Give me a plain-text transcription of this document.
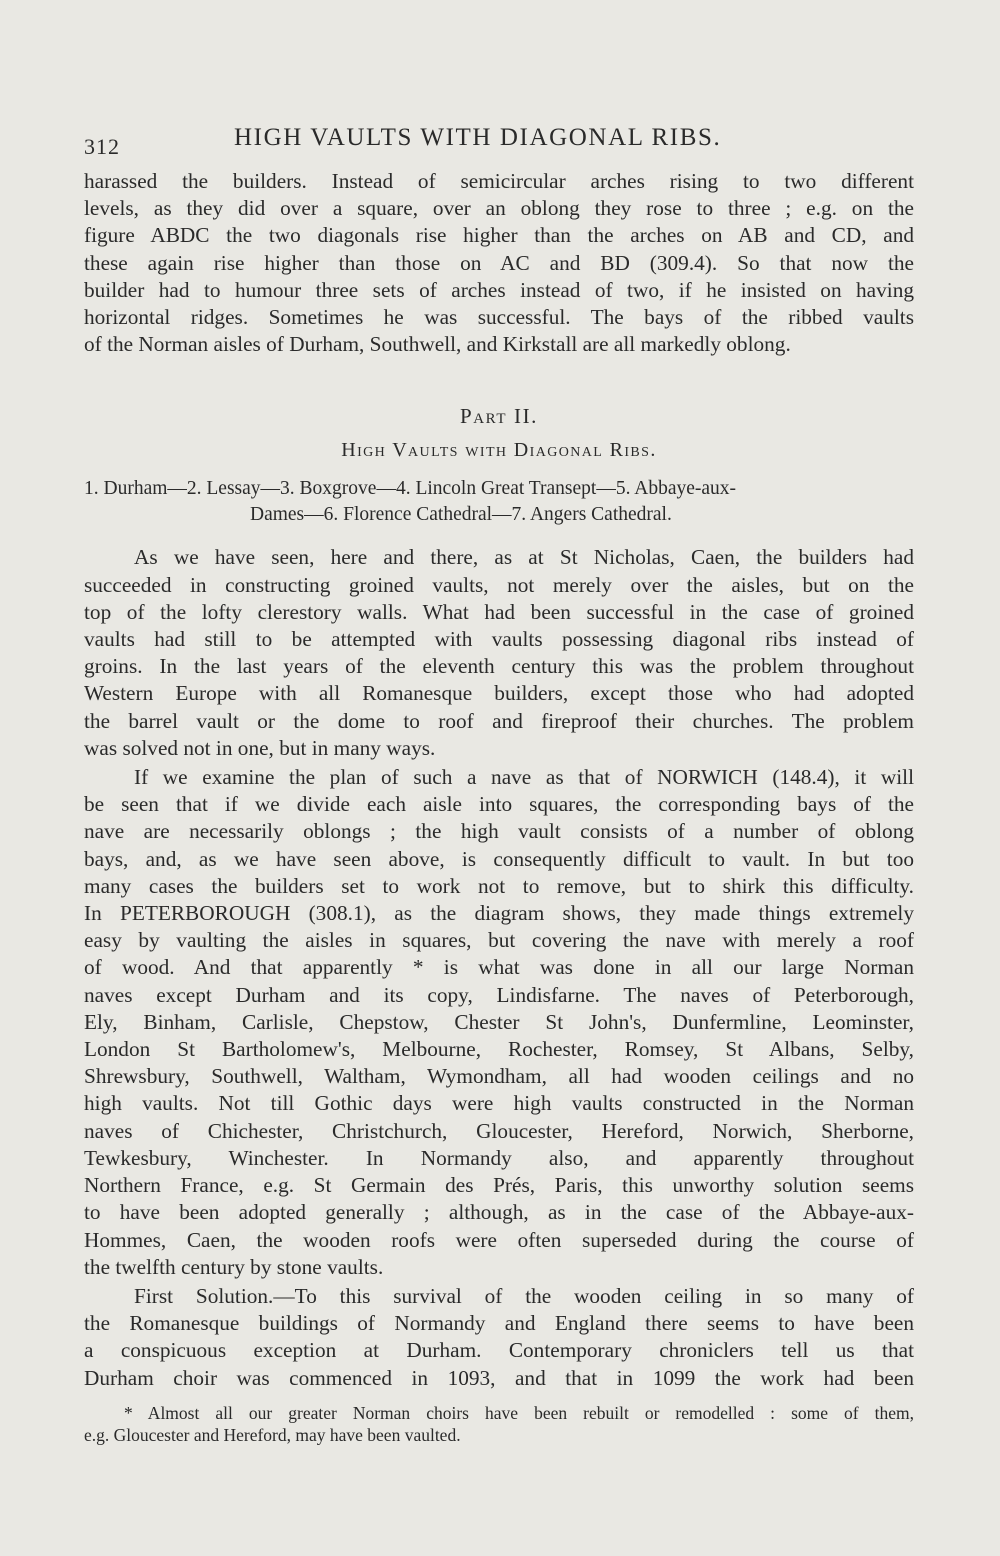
312	HIGH VAULTS WITH DIAGONAL RIBS.
harassed the builders. Instead of semicircular arches rising to two different
levels, as they did over a square, over an oblong they rose to three ; e.g. on the
figure ABDC the two diagonals rise higher than the arches on AB and CD, and
these again rise higher than those on AC and BD (309.4). So that now the
builder had to humour three sets of arches instead of two, if he insisted on having
horizontal ridges. Sometimes he was successful. The bays of the ribbed vaults
of the Norman aisles of Durham, Southwell, and Kirkstall are all markedly oblong.
Part II.
High Vaults with Diagonal Ribs.
1. Durham—2. Lessay—3. Boxgrove—4. Lincoln Great Transept—5. Abbaye-aux-
Dames—6. Florence Cathedral—7. Angers Cathedral.
As we have seen, here and there, as at St Nicholas, Caen, the builders had
succeeded in constructing groined vaults, not merely over the aisles, but on the
top of the lofty clerestory walls. What had been successful in the case of groined
vaults had still to be attempted with vaults possessing diagonal ribs instead of
groins. In the last years of the eleventh century this was the problem throughout
Western Europe with all Romanesque builders, except those who had adopted
the barrel vault or the dome to roof and fireproof their churches. The problem
was solved not in one, but in many ways.
If we examine the plan of such a nave as that of NORWICH (148.4), it will
be seen that if we divide each aisle into squares, the corresponding bays of the
nave are necessarily oblongs ; the high vault consists of a number of oblong
bays, and, as we have seen above, is consequently difficult to vault. In but too
many cases the builders set to work not to remove, but to shirk this difficulty.
In PETERBOROUGH (308.1), as the diagram shows, they made things extremely
easy by vaulting the aisles in squares, but covering the nave with merely a roof
of wood. And that apparently * is what was done in all our large Norman
naves except Durham and its copy, Lindisfarne. The naves of Peterborough,
Ely, Binham, Carlisle, Chepstow, Chester St John's, Dunfermline, Leominster,
London St Bartholomew's, Melbourne, Rochester, Romsey, St Albans, Selby,
Shrewsbury, Southwell, Waltham, Wymondham, all had wooden ceilings and no
high vaults. Not till Gothic days were high vaults constructed in the Norman
naves of Chichester, Christchurch, Gloucester, Hereford, Norwich, Sherborne,
Tewkesbury, Winchester. In Normandy also, and apparently throughout
Northern France, e.g. St Germain des Prés, Paris, this unworthy solution seems
to have been adopted generally ; although, as in the case of the Abbaye-aux-
Hommes, Caen, the wooden roofs were often superseded during the course of
the twelfth century by stone vaults.
First Solution.—To this survival of the wooden ceiling in so many of
the Romanesque buildings of Normandy and England there seems to have been
a conspicuous exception at Durham. Contemporary chroniclers tell us that
Durham choir was commenced in 1093, and that in 1099 the work had been
* Almost all our greater Norman choirs have been rebuilt or remodelled : some of them,
e.g. Gloucester and Hereford, may have been vaulted.
